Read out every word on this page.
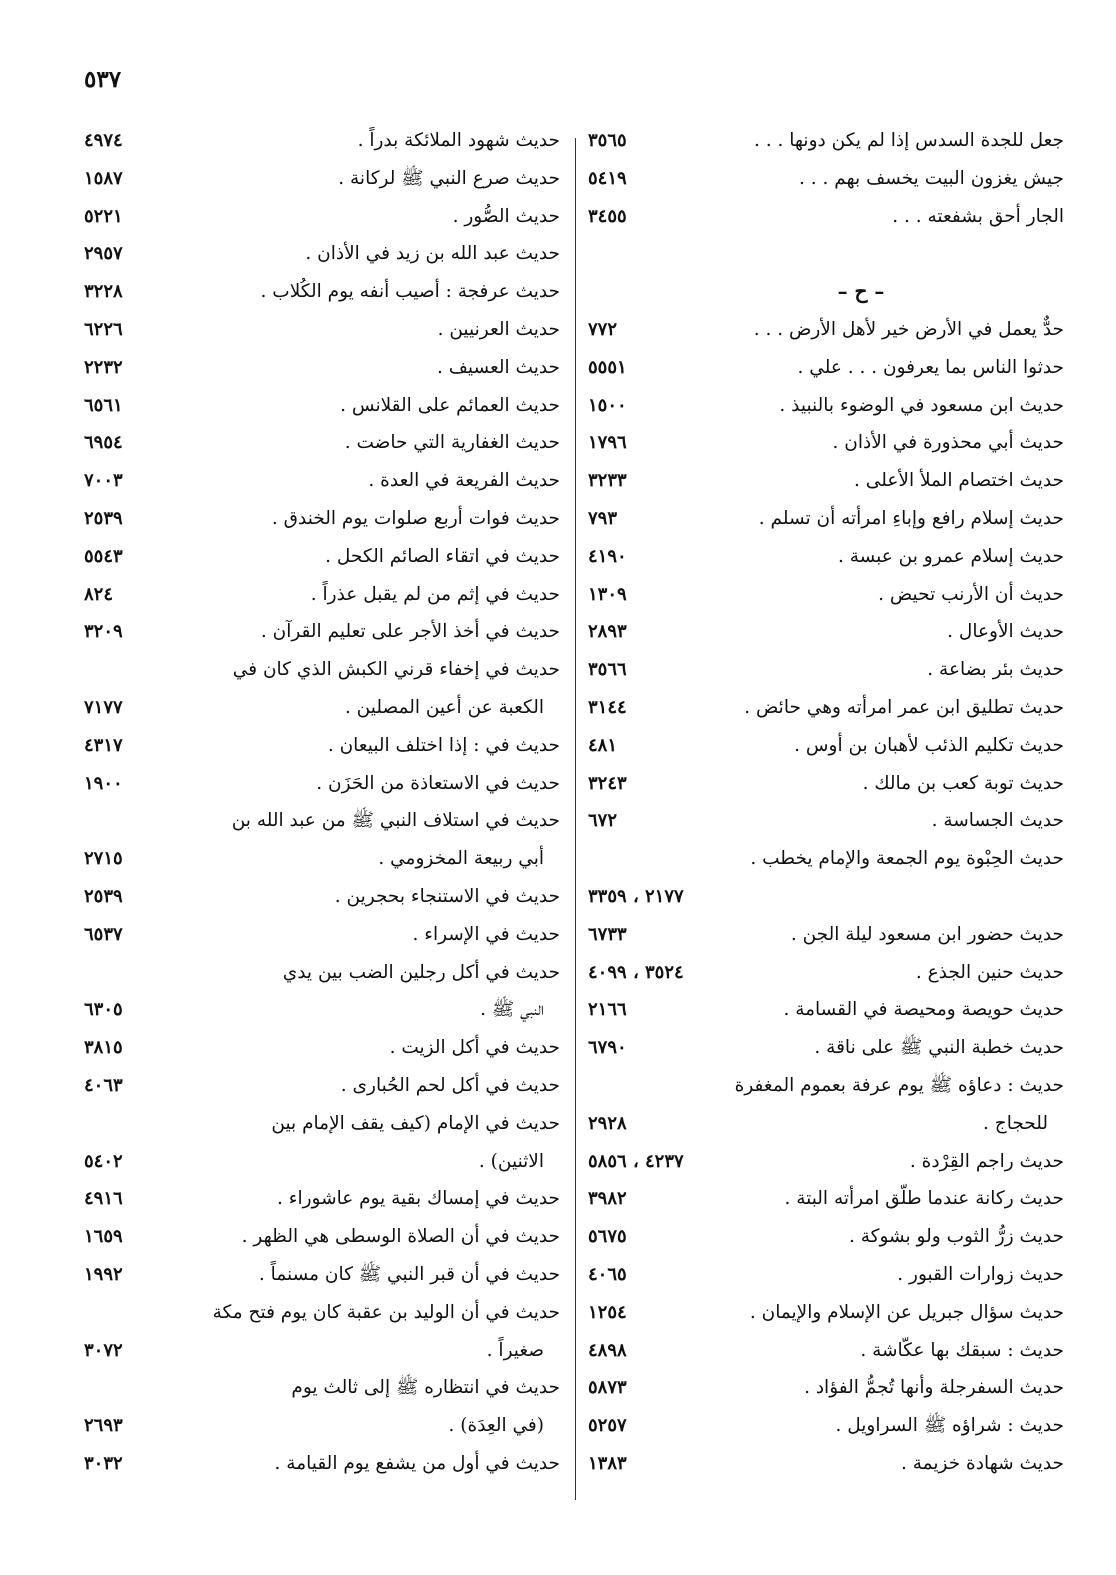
٥٣٧
جعل للجدة السدس إذا لم يكن دونها . . .
٣٥٦٥
جيش يغزون البيت يخسف بهم . . .
٥٤١٩
الجار أحق بشفعته . . .
٣٤٥٥
– ح –
حدٌّ يعمل في الأرض خير لأهل الأرض . . .
٧٧٢
حدثوا الناس بما يعرفون . . . علي .
٥٥٥١
حديث ابن مسعود في الوضوء بالنبيذ .
١٥٠٠
حديث أبي محذورة في الأذان .
١٧٩٦
حديث اختصام الملأ الأعلى .
٣٢٣٣
حديث إسلام رافع وإباءِ امرأته أن تسلم .
٧٩٣
حديث إسلام عمرو بن عبسة .
٤١٩٠
حديث أن الأرنب تحيض .
١٣٠٩
حديث الأوعال .
٢٨٩٣
حديث بئر بضاعة .
٣٥٦٦
حديث تطليق ابن عمر امرأته وهي حائض .
٣١٤٤
حديث تكليم الذئب لأهبان بن أوس .
٤٨١
حديث توبة كعب بن مالك .
٣٢٤٣
حديث الجساسة .
٦٧٢
حديث الحِبْوة يوم الجمعة والإمام يخطب .
٢١٧٧ ، ٣٣٥٩
حديث حضور ابن مسعود ليلة الجن .
٦٧٣٣
حديث حنين الجذع .
٣٥٢٤ ، ٤٠٩٩
حديث حويصة ومحيصة في القسامة .
٢١٦٦
حديث خطبة النبي ﷺ على ناقة .
٦٧٩٠
حديث : دعاؤه ﷺ يوم عرفة بعموم المغفرة
للحجاج .
٢٩٢٨
حديث راجم القِرْدة .
٤٢٣٧ ، ٥٨٥٦
حديث ركانة عندما طلّق امرأته البتة .
٣٩٨٢
حديث زرُّ الثوب ولو بشوكة .
٥٦٧٥
حديث زوارات القبور .
٤٠٦٥
حديث سؤال جبريل عن الإسلام والإيمان .
١٢٥٤
حديث : سبقك بها عكّاشة .
٤٨٩٨
حديث السفرجلة وأنها تُجمُّ الفؤاد .
٥٨٧٣
حديث : شراؤه ﷺ السراويل .
٥٢٥٧
حديث شهادة خزيمة .
١٣٨٣
حديث شهود الملائكة بدراً .
٤٩٧٤
حديث صرع النبي ﷺ لركانة .
١٥٨٧
حديث الصُّور .
٥٢٢١
حديث عبد الله بن زيد في الأذان .
٢٩٥٧
حديث عرفجة : أصيب أنفه يوم الكُلاب .
٣٢٢٨
حديث العرنيين .
٦٢٢٦
حديث العسيف .
٢٢٣٢
حديث العمائم على القلانس .
٦٥٦١
حديث الغفارية التي حاضت .
٦٩٥٤
حديث الفريعة في العدة .
٧٠٠٣
حديث فوات أربع صلوات يوم الخندق .
٢٥٣٩
حديث في اتقاء الصائم الكحل .
٥٥٤٣
حديث في إثم من لم يقبل عذراً .
٨٢٤
حديث في أخذ الأجر على تعليم القرآن .
٣٢٠٩
حديث في إخفاء قرني الكبش الذي كان في
الكعبة عن أعين المصلين .
٧١٧٧
حديث في : إذا اختلف البيعان .
٤٣١٧
حديث في الاستعاذة من الحَزَن .
١٩٠٠
حديث في استلاف النبي ﷺ من عبد الله بن
أبي ربيعة المخزومي .
٢٧١٥
حديث في الاستنجاء بحجرين .
٢٥٣٩
حديث في الإسراء .
٦٥٣٧
حديث في أكل رجلين الضب بين يدي
النبي ﷺ .
٦٣٠٥
حديث في أكل الزيت .
٣٨١٥
حديث في أكل لحم الحُبارى .
٤٠٦٣
حديث في الإمام (كيف يقف الإمام بين
الاثنين) .
٥٤٠٢
حديث في إمساك بقية يوم عاشوراء .
٤٩١٦
حديث في أن الصلاة الوسطى هي الظهر .
١٦٥٩
حديث في أن قبر النبي ﷺ كان مسنماً .
١٩٩٢
حديث في أن الوليد بن عقبة كان يوم فتح مكة
صغيراً .
٣٠٧٢
حديث في انتظاره ﷺ إلى ثالث يوم
(في العِدَة) .
٢٦٩٣
حديث في أول من يشفع يوم القيامة .
٣٠٣٢
